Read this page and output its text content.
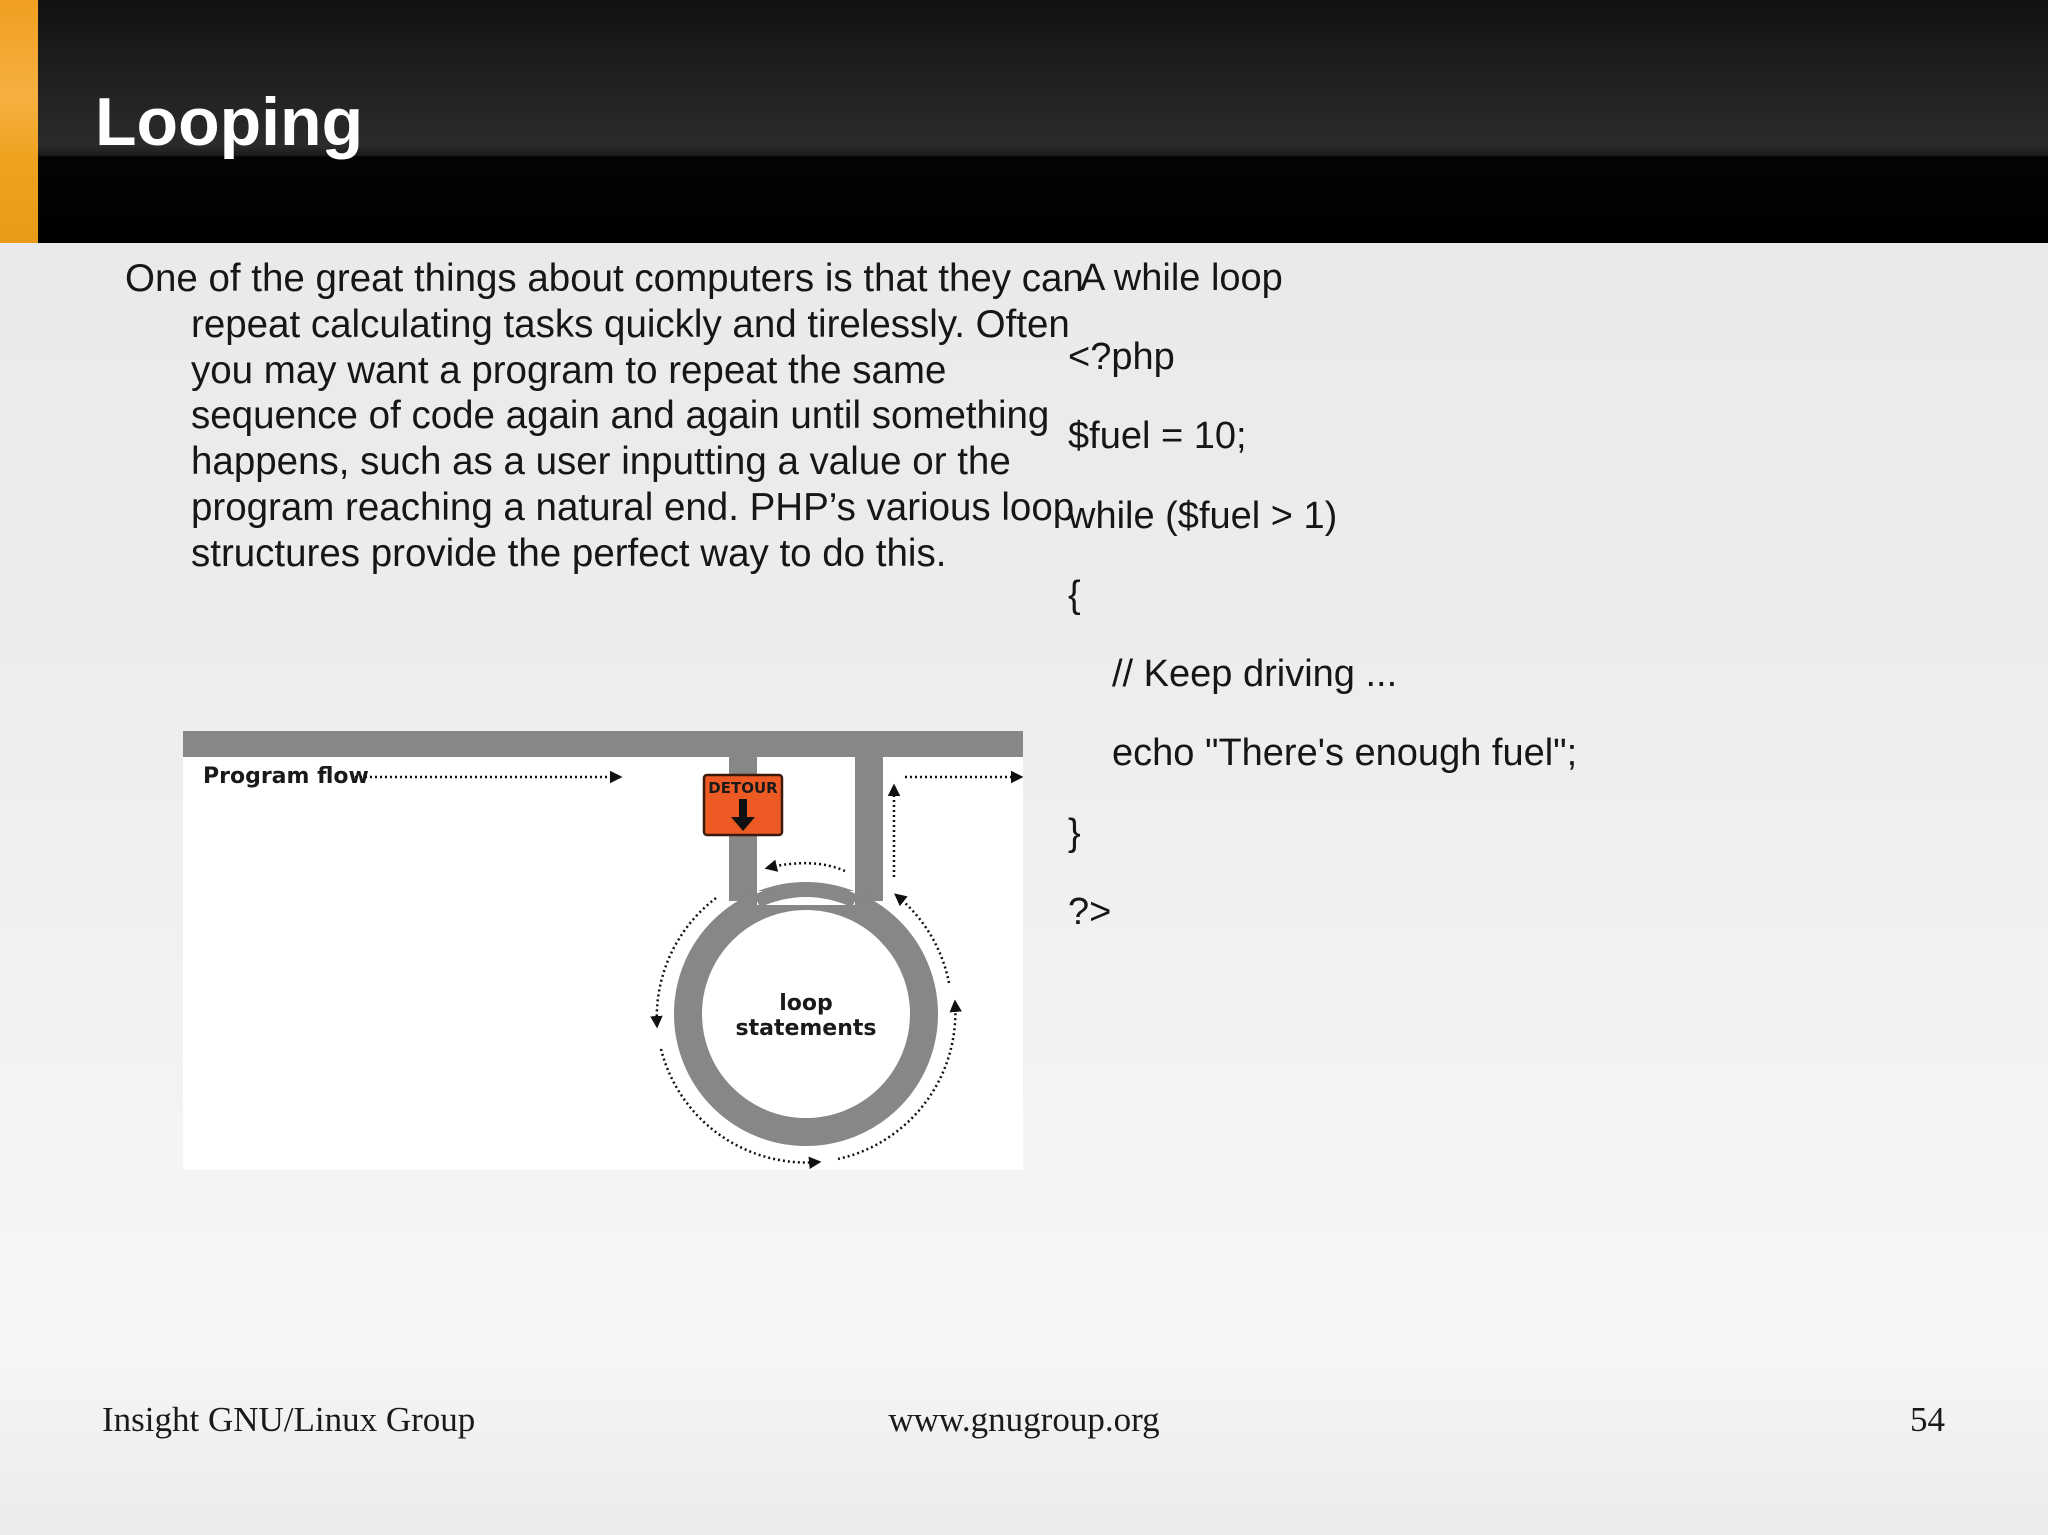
Looping

One of the great things about computers is that they can repeat calculating tasks quickly and tirelessly. Often you may want a program to repeat the same sequence of code again and again until something happens, such as a user inputting a value or the program reaching a natural end. PHP’s various loop structures provide the perfect way to do this.

Program flow	DETOUR
loop
statements

A while loop

<?php
$fuel = 10;
while ($fuel > 1)
{
// Keep driving ...
echo "There's enough fuel";
}
?>

Insight GNU/Linux Group	www.gnugroup.org	54
